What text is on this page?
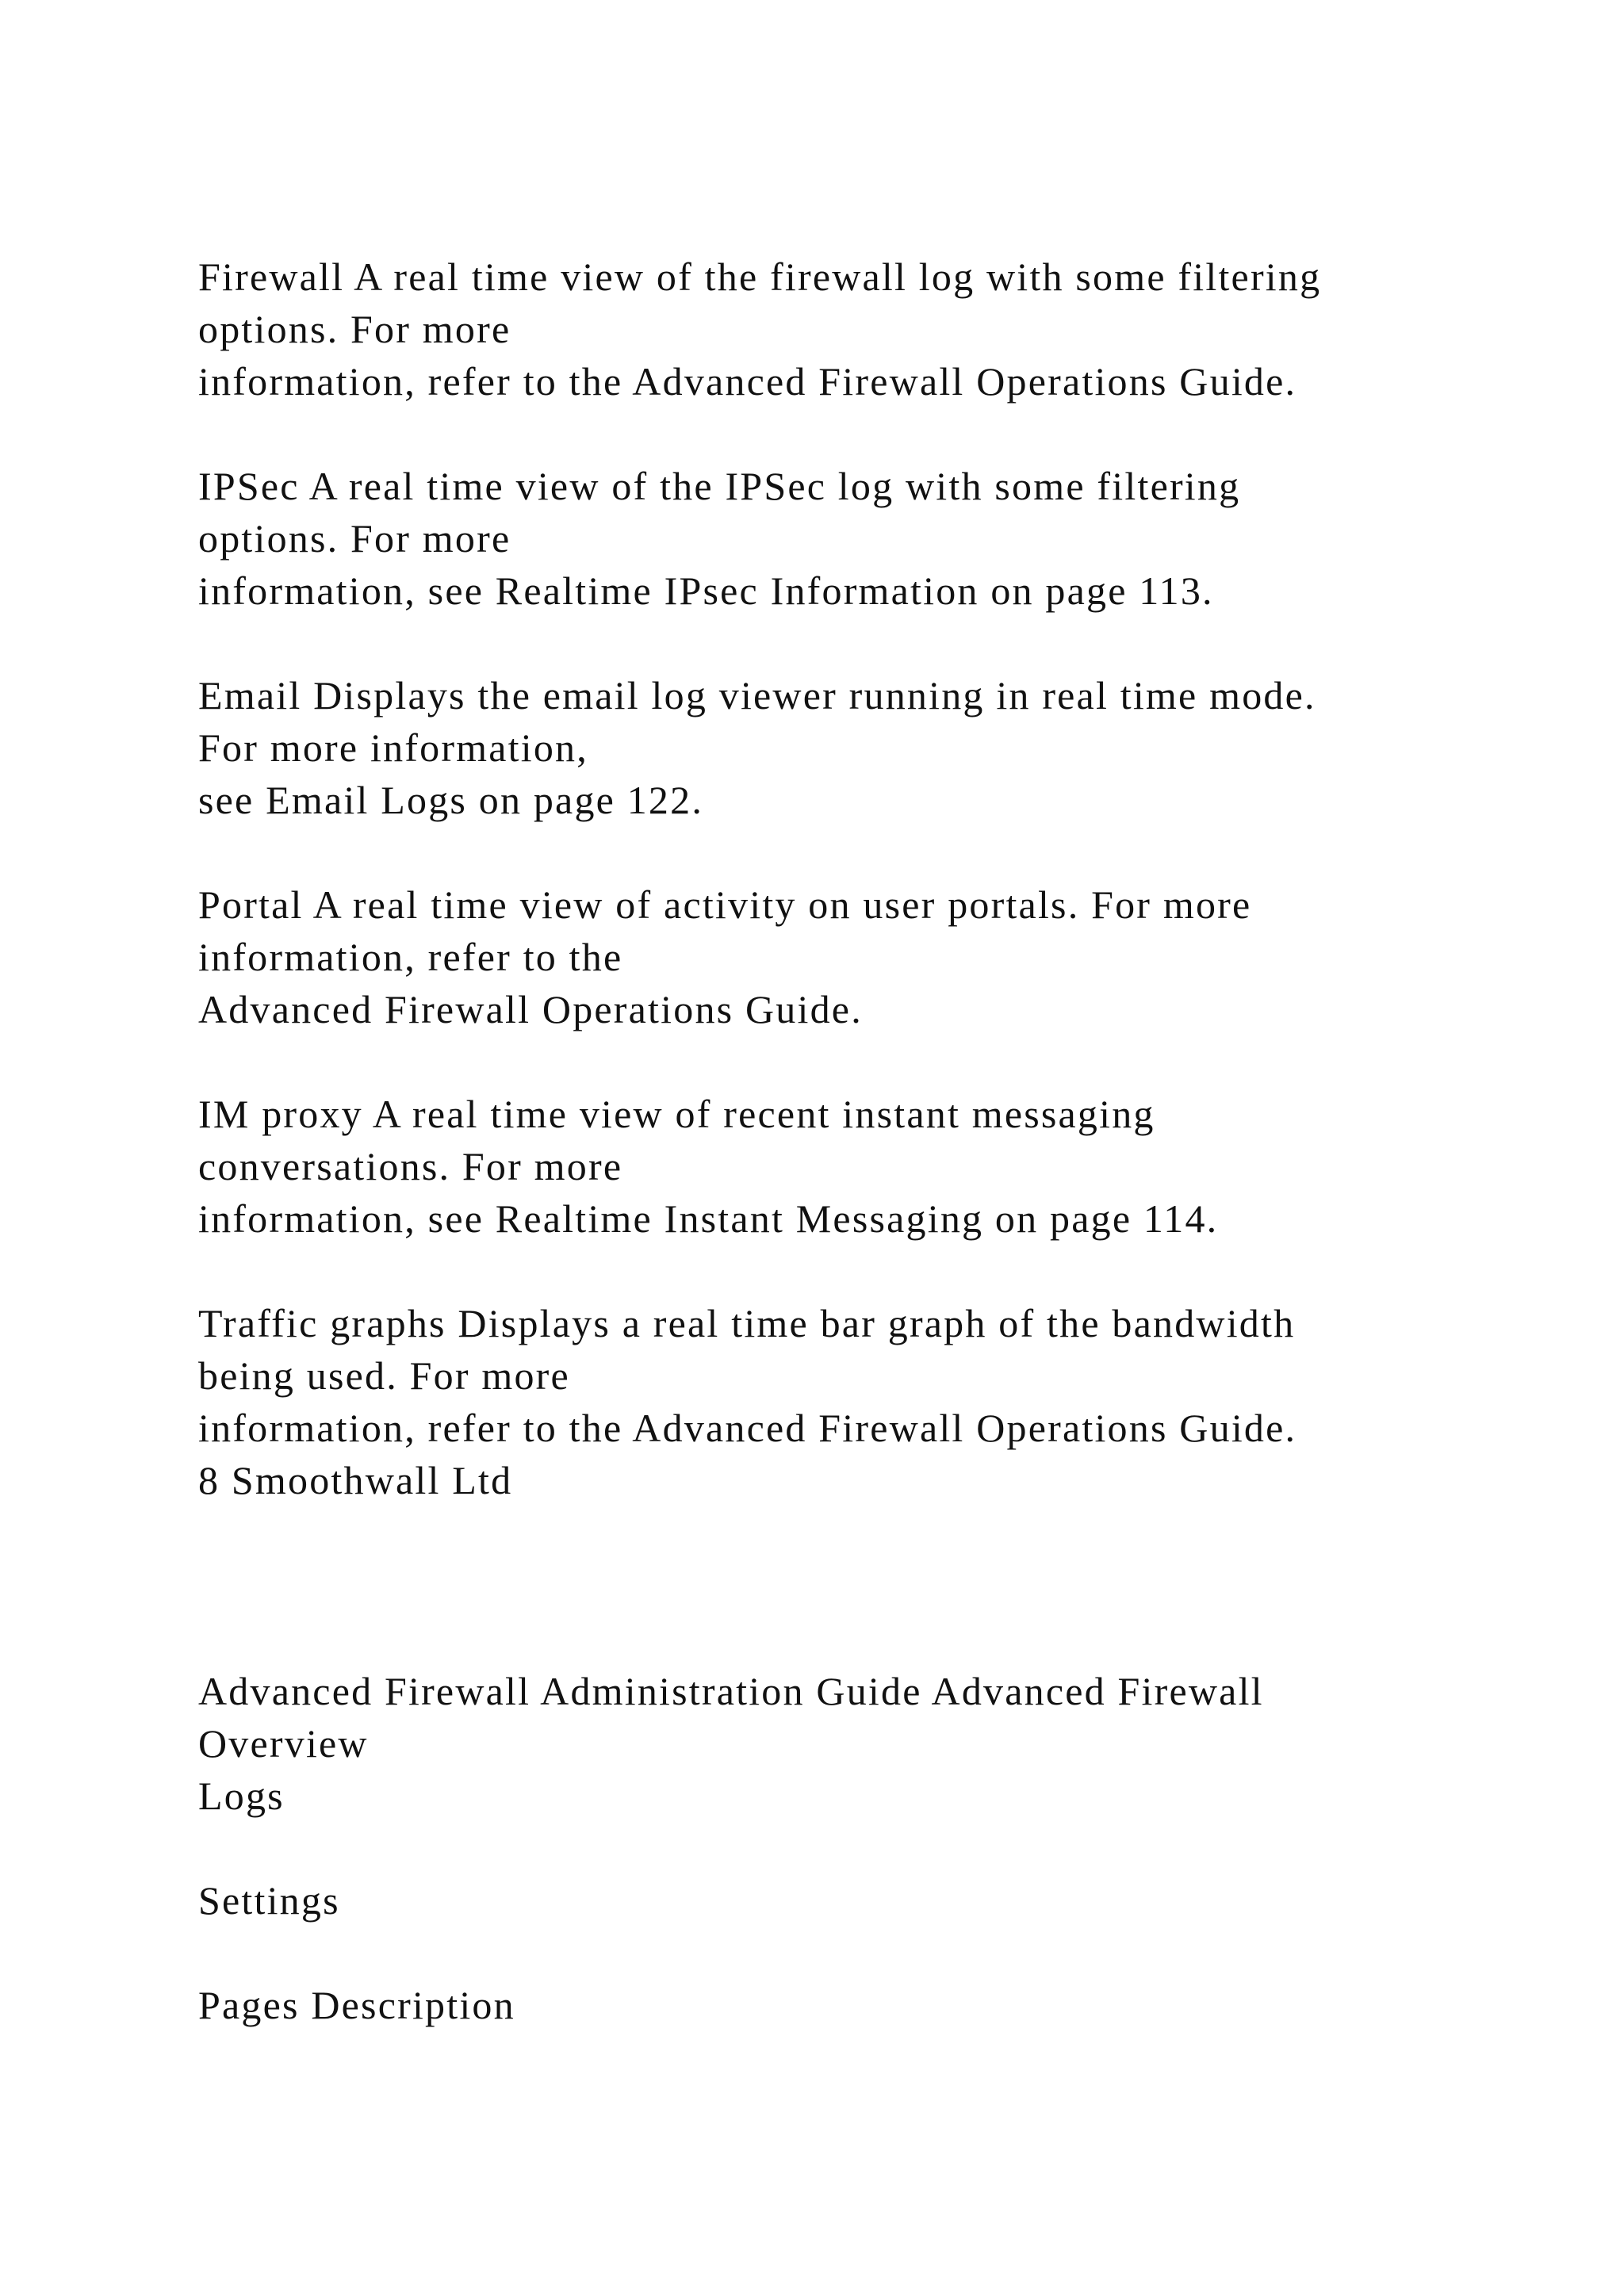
Firewall A real time view of the firewall log with some filtering
options. For more
information, refer to the Advanced Firewall Operations Guide.
IPSec A real time view of the IPSec log with some filtering
options. For more
information, see Realtime IPsec Information on page 113.
Email Displays the email log viewer running in real time mode.
For more information,
see Email Logs on page 122.
Portal A real time view of activity on user portals. For more
information, refer to the
Advanced Firewall Operations Guide.
IM proxy A real time view of recent instant messaging
conversations. For more
information, see Realtime Instant Messaging on page 114.
Traffic graphs Displays a real time bar graph of the bandwidth
being used. For more
information, refer to the Advanced Firewall Operations Guide.
8 Smoothwall Ltd
Advanced Firewall Administration Guide Advanced Firewall
Overview
Logs
Settings
Pages Description
